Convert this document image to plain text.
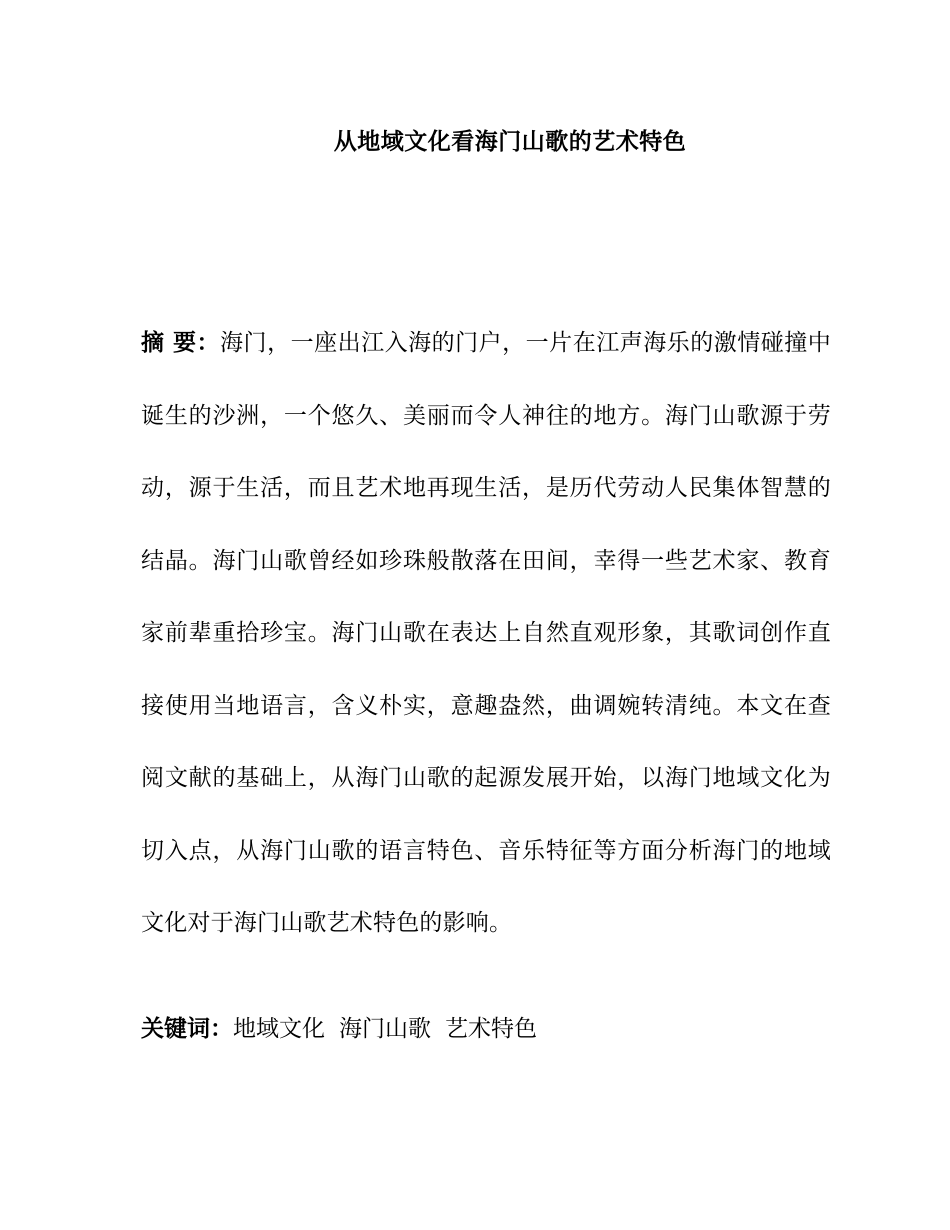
从地域文化看海门山歌的艺术特色

摘 要：海门，一座出江入海的门户，一片在江声海乐的激情碰撞中诞生的沙洲，一个悠久、美丽而令人神往的地方。海门山歌源于劳动，源于生活，而且艺术地再现生活，是历代劳动人民集体智慧的结晶。海门山歌曾经如珍珠般散落在田间，幸得一些艺术家、教育家前辈重拾珍宝。海门山歌在表达上自然直观形象，其歌词创作直接使用当地语言，含义朴实，意趣盎然，曲调婉转清纯。本文在查阅文献的基础上，从海门山歌的起源发展开始，以海门地域文化为切入点，从海门山歌的语言特色、音乐特征等方面分析海门的地域文化对于海门山歌艺术特色的影响。

关键词：地域文化 海门山歌 艺术特色
